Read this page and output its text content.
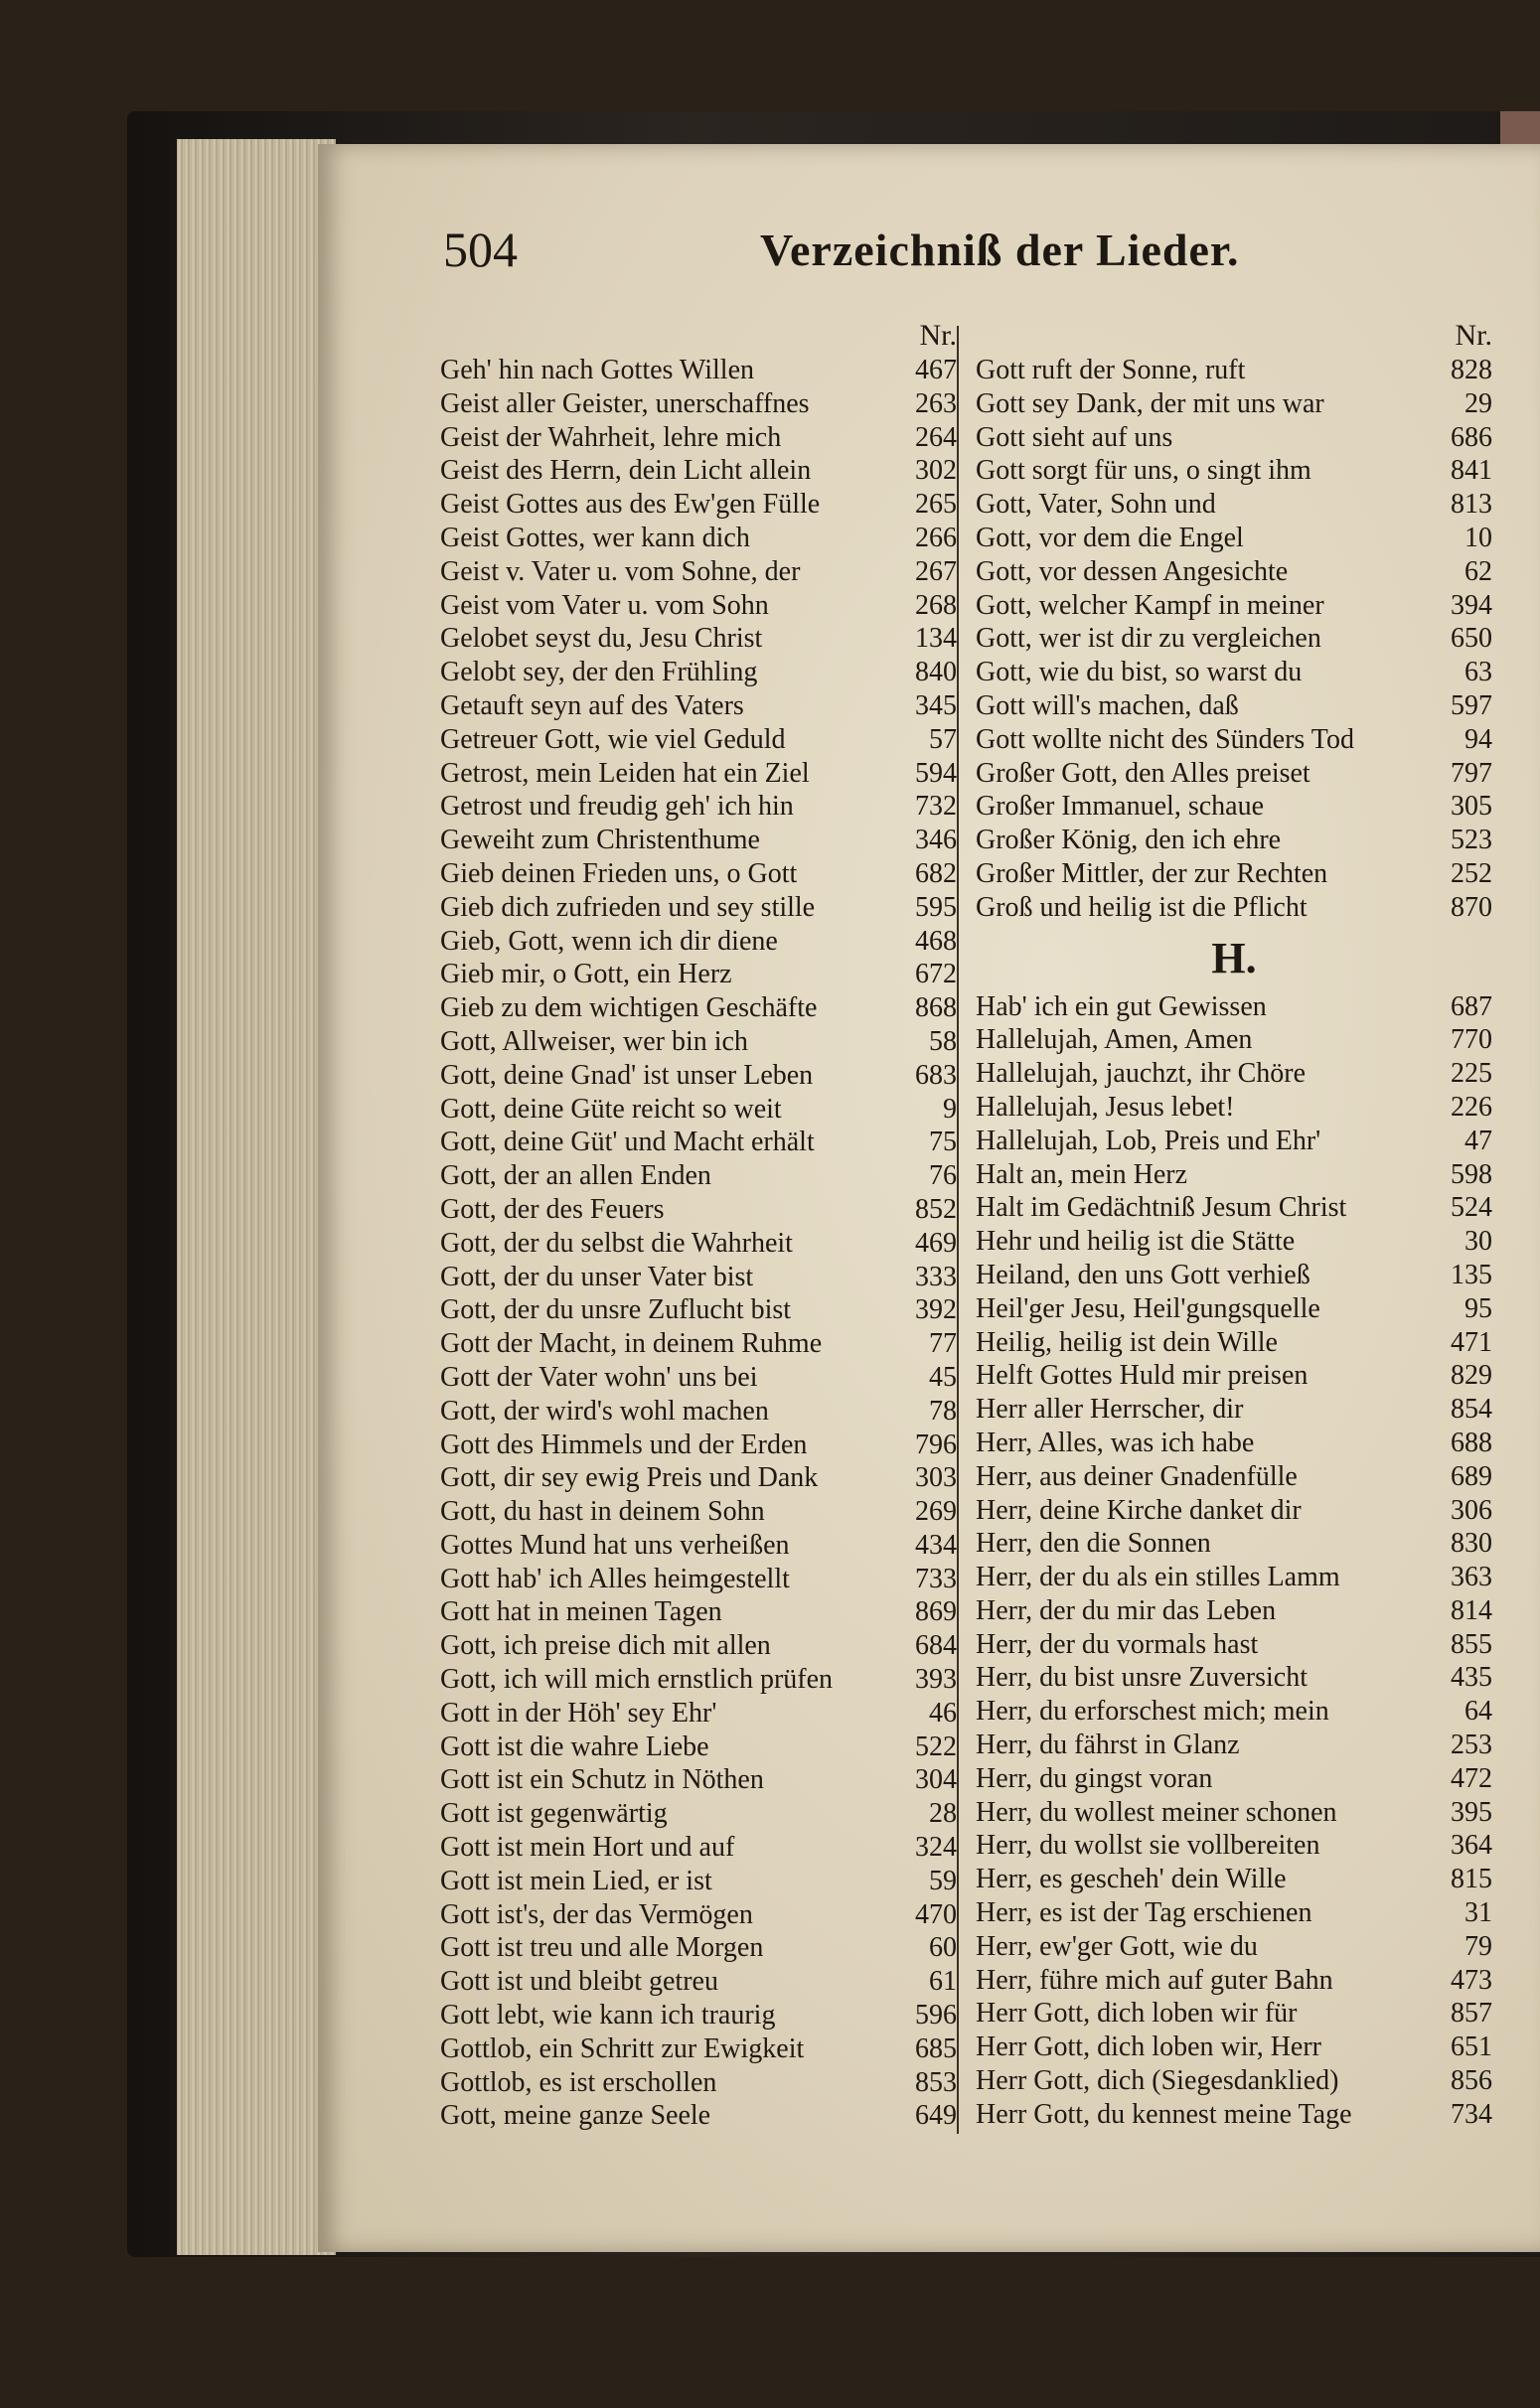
504	Verzeichniß der Lieder.
Nr.
Geh' hin nach Gottes Willen	467
Geist aller Geister, unerschaffnes	263
Geist der Wahrheit, lehre mich	264
Geist des Herrn, dein Licht allein	302
Geist Gottes aus des Ew'gen Fülle	265
Geist Gottes, wer kann dich	266
Geist v. Vater u. vom Sohne, der	267
Geist vom Vater u. vom Sohn	268
Gelobet seyst du, Jesu Christ	134
Gelobt sey, der den Frühling	840
Getauft seyn auf des Vaters	345
Getreuer Gott, wie viel Geduld	57
Getrost, mein Leiden hat ein Ziel	594
Getrost und freudig geh' ich hin	732
Geweiht zum Christenthume	346
Gieb deinen Frieden uns, o Gott	682
Gieb dich zufrieden und sey stille	595
Gieb, Gott, wenn ich dir diene	468
Gieb mir, o Gott, ein Herz	672
Gieb zu dem wichtigen Geschäfte	868
Gott, Allweiser, wer bin ich	58
Gott, deine Gnad' ist unser Leben	683
Gott, deine Güte reicht so weit	9
Gott, deine Güt' und Macht erhält	75
Gott, der an allen Enden	76
Gott, der des Feuers	852
Gott, der du selbst die Wahrheit	469
Gott, der du unser Vater bist	333
Gott, der du unsre Zuflucht bist	392
Gott der Macht, in deinem Ruhme	77
Gott der Vater wohn' uns bei	45
Gott, der wird's wohl machen	78
Gott des Himmels und der Erden	796
Gott, dir sey ewig Preis und Dank	303
Gott, du hast in deinem Sohn	269
Gottes Mund hat uns verheißen	434
Gott hab' ich Alles heimgestellt	733
Gott hat in meinen Tagen	869
Gott, ich preise dich mit allen	684
Gott, ich will mich ernstlich prüfen	393
Gott in der Höh' sey Ehr'	46
Gott ist die wahre Liebe	522
Gott ist ein Schutz in Nöthen	304
Gott ist gegenwärtig	28
Gott ist mein Hort und auf	324
Gott ist mein Lied, er ist	59
Gott ist's, der das Vermögen	470
Gott ist treu und alle Morgen	60
Gott ist und bleibt getreu	61
Gott lebt, wie kann ich traurig	596
Gottlob, ein Schritt zur Ewigkeit	685
Gottlob, es ist erschollen	853
Gott, meine ganze Seele	649
Nr.
Gott ruft der Sonne, ruft	828
Gott sey Dank, der mit uns war	29
Gott sieht auf uns	686
Gott sorgt für uns, o singt ihm	841
Gott, Vater, Sohn und	813
Gott, vor dem die Engel	10
Gott, vor dessen Angesichte	62
Gott, welcher Kampf in meiner	394
Gott, wer ist dir zu vergleichen	650
Gott, wie du bist, so warst du	63
Gott will's machen, daß	597
Gott wollte nicht des Sünders Tod	94
Großer Gott, den Alles preiset	797
Großer Immanuel, schaue	305
Großer König, den ich ehre	523
Großer Mittler, der zur Rechten	252
Groß und heilig ist die Pflicht	870
H.
Hab' ich ein gut Gewissen	687
Hallelujah, Amen, Amen	770
Hallelujah, jauchzt, ihr Chöre	225
Hallelujah, Jesus lebet!	226
Hallelujah, Lob, Preis und Ehr'	47
Halt an, mein Herz	598
Halt im Gedächtniß Jesum Christ	524
Hehr und heilig ist die Stätte	30
Heiland, den uns Gott verhieß	135
Heil'ger Jesu, Heil'gungsquelle	95
Heilig, heilig ist dein Wille	471
Helft Gottes Huld mir preisen	829
Herr aller Herrscher, dir	854
Herr, Alles, was ich habe	688
Herr, aus deiner Gnadenfülle	689
Herr, deine Kirche danket dir	306
Herr, den die Sonnen	830
Herr, der du als ein stilles Lamm	363
Herr, der du mir das Leben	814
Herr, der du vormals hast	855
Herr, du bist unsre Zuversicht	435
Herr, du erforschest mich; mein	64
Herr, du fährst in Glanz	253
Herr, du gingst voran	472
Herr, du wollest meiner schonen	395
Herr, du wollst sie vollbereiten	364
Herr, es gescheh' dein Wille	815
Herr, es ist der Tag erschienen	31
Herr, ew'ger Gott, wie du	79
Herr, führe mich auf guter Bahn	473
Herr Gott, dich loben wir für	857
Herr Gott, dich loben wir, Herr	651
Herr Gott, dich (Siegesdanklied)	856
Herr Gott, du kennest meine Tage	734
